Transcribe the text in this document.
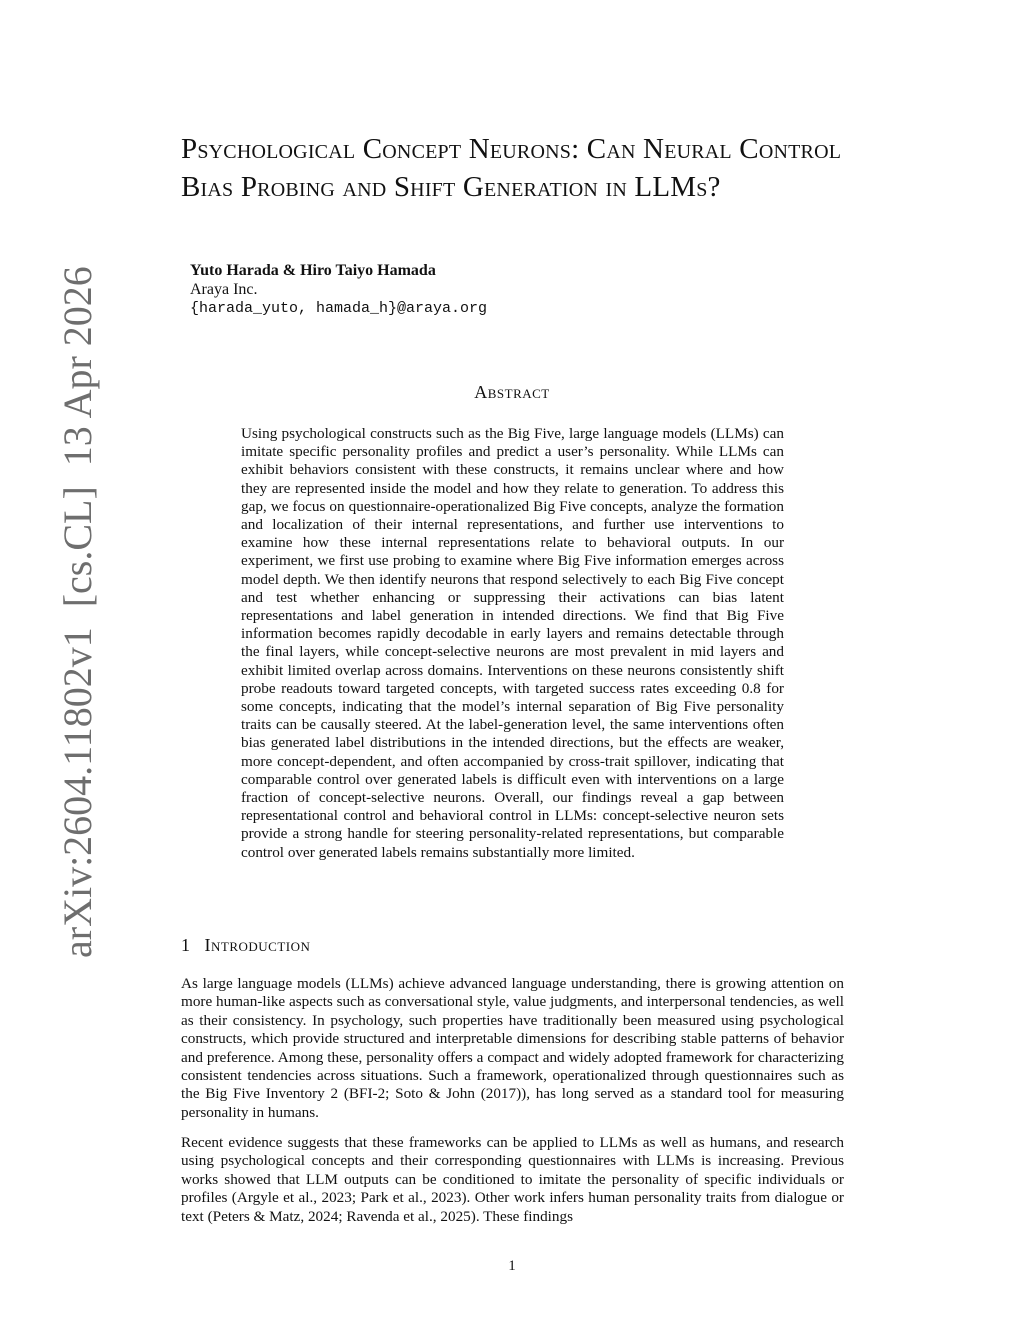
arXiv:2604.11802v1  [cs.CL]  13 Apr 2026
Psychological Concept Neurons: Can Neural Control Bias Probing and Shift Generation in LLMs?
Yuto Harada & Hiro Taiyo Hamada
Araya Inc.
{harada_yuto, hamada_h}@araya.org
Abstract

Using psychological constructs such as the Big Five, large language models (LLMs) can imitate specific personality profiles and predict a user’s personality. While LLMs can exhibit behaviors consistent with these constructs, it remains unclear where and how they are represented inside the model and how they relate to generation. To address this gap, we focus on questionnaire-operationalized Big Five concepts, analyze the formation and localization of their internal representations, and further use interventions to examine how these internal representations relate to behavioral outputs. In our experiment, we first use probing to examine where Big Five information emerges across model depth. We then identify neurons that respond selectively to each Big Five concept and test whether enhancing or suppressing their activations can bias latent representations and label generation in intended directions. We find that Big Five information becomes rapidly decodable in early layers and remains detectable through the final layers, while concept-selective neurons are most prevalent in mid layers and exhibit limited overlap across domains. Interventions on these neurons consistently shift probe readouts toward targeted concepts, with targeted success rates exceeding 0.8 for some concepts, indicating that the model’s internal separation of Big Five personality traits can be causally steered. At the label-generation level, the same interventions often bias generated label distributions in the intended directions, but the effects are weaker, more concept-dependent, and often accompanied by cross-trait spillover, indicating that comparable control over generated labels is difficult even with interventions on a large fraction of concept-selective neurons. Overall, our findings reveal a gap between representational control and behavioral control in LLMs: concept-selective neuron sets provide a strong handle for steering personality-related representations, but comparable control over generated labels remains substantially more limited.

1 Introduction

As large language models (LLMs) achieve advanced language understanding, there is growing attention on more human-like aspects such as conversational style, value judgments, and interpersonal tendencies, as well as their consistency. In psychology, such properties have traditionally been measured using psychological constructs, which provide structured and interpretable dimensions for describing stable patterns of behavior and preference. Among these, personality offers a compact and widely adopted framework for characterizing consistent tendencies across situations. Such a framework, operationalized through questionnaires such as the Big Five Inventory 2 (BFI-2; Soto & John (2017)), has long served as a standard tool for measuring personality in humans.

Recent evidence suggests that these frameworks can be applied to LLMs as well as humans, and research using psychological concepts and their corresponding questionnaires with LLMs is increasing. Previous works showed that LLM outputs can be conditioned to imitate the personality of specific individuals or profiles (Argyle et al., 2023; Park et al., 2023). Other work infers human personality traits from dialogue or text (Peters & Matz, 2024; Ravenda et al., 2025). These findings

1
